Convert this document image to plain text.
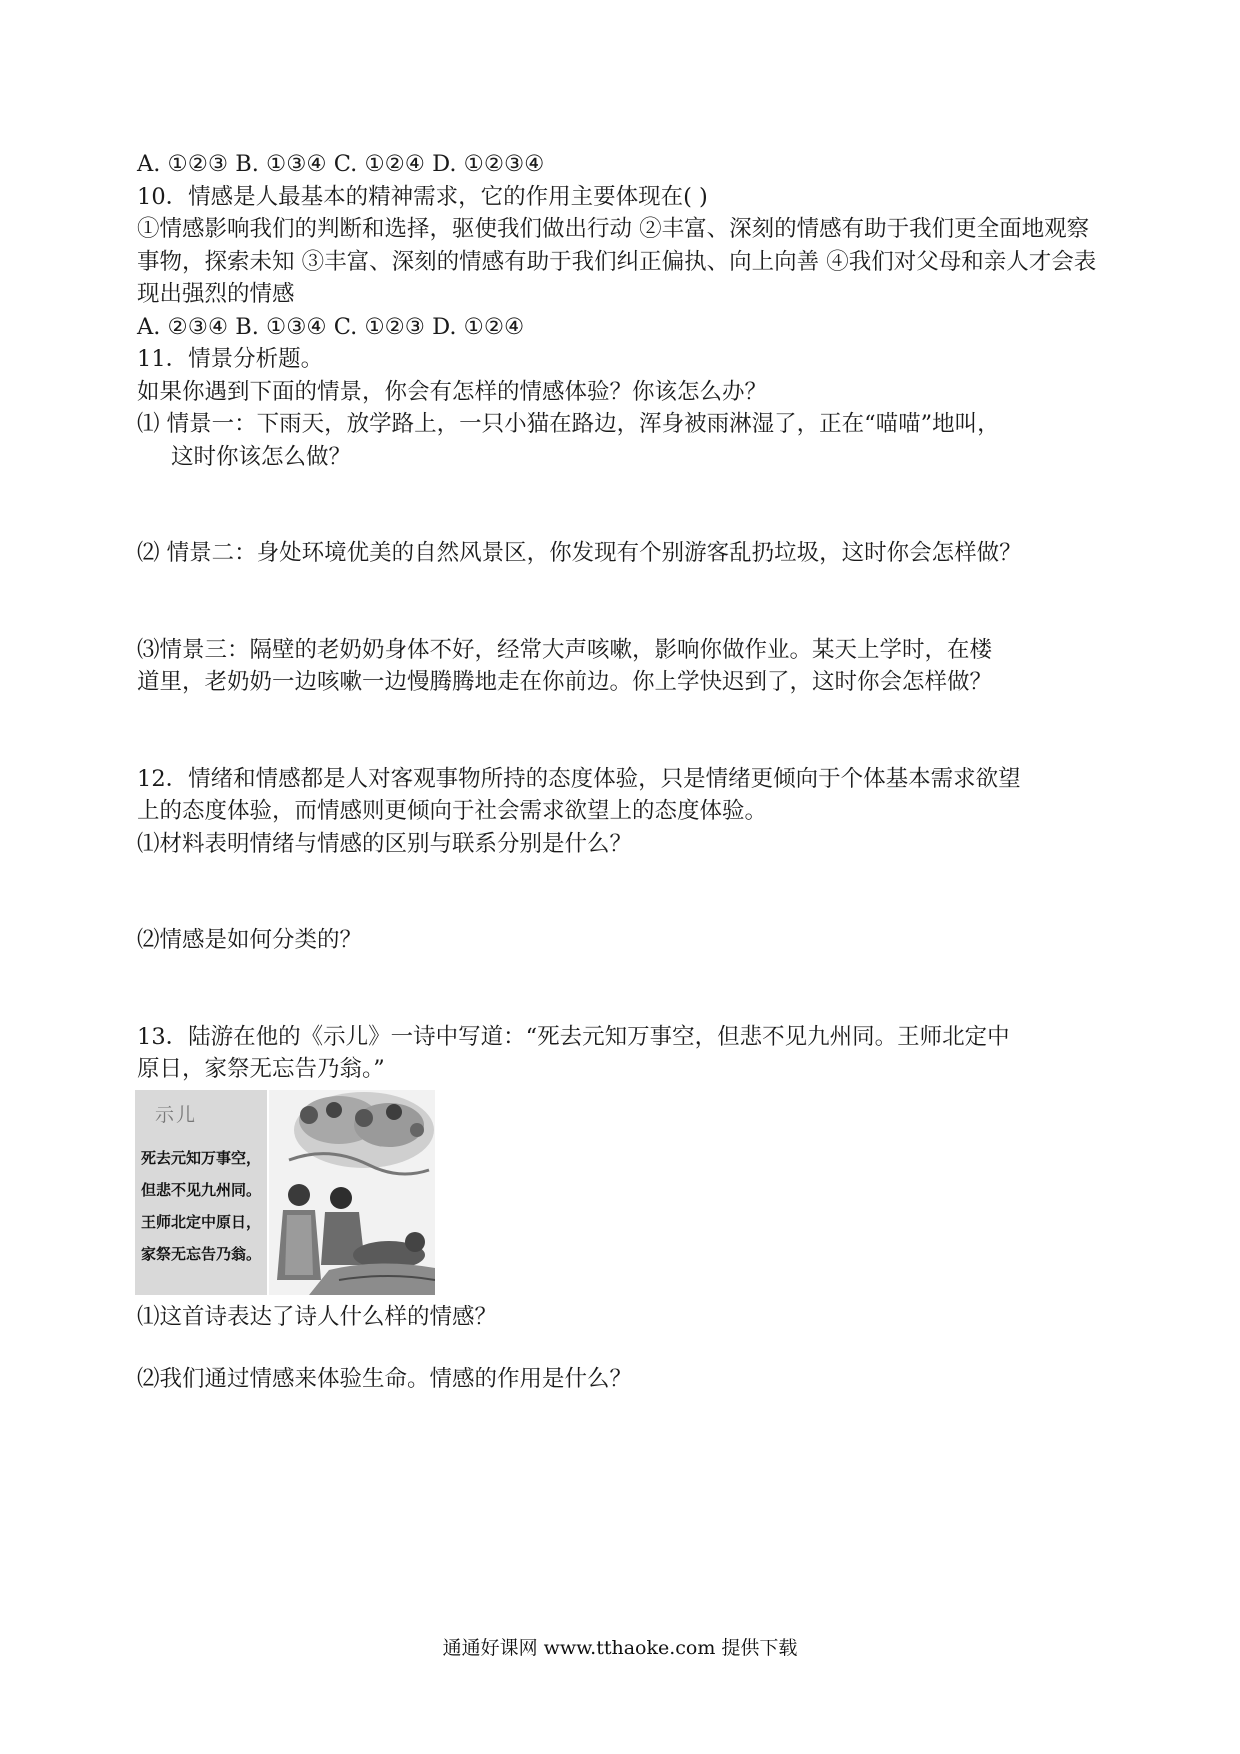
A. ①②③ B. ①③④ C. ①②④ D. ①②③④
10．情感是人最基本的精神需求，它的作用主要体现在( )
①情感影响我们的判断和选择，驱使我们做出行动 ②丰富、深刻的情感有助于我们更全面地观察事物，探索未知 ③丰富、深刻的情感有助于我们纠正偏执、向上向善 ④我们对父母和亲人才会表现出强烈的情感
A. ②③④ B. ①③④ C. ①②③ D. ①②④
11．情景分析题。
如果你遇到下面的情景，你会有怎样的情感体验？你该怎么办？
⑴ 情景一：下雨天，放学路上，一只小猫在路边，浑身被雨淋湿了，正在“喵喵”地叫，
这时你该怎么做？
⑵ 情景二：身处环境优美的自然风景区，你发现有个别游客乱扔垃圾，这时你会怎样做？
⑶情景三：隔壁的老奶奶身体不好，经常大声咳嗽，影响你做作业。某天上学时，在楼
道里，老奶奶一边咳嗽一边慢腾腾地走在你前边。你上学快迟到了，这时你会怎样做？
12．情绪和情感都是人对客观事物所持的态度体验，只是情绪更倾向于个体基本需求欲望
上的态度体验，而情感则更倾向于社会需求欲望上的态度体验。
⑴材料表明情绪与情感的区别与联系分别是什么？
⑵情感是如何分类的？
13．陆游在他的《示儿》一诗中写道：“死去元知万事空，但悲不见九州同。王师北定中
原日，家祭无忘告乃翁。”
示儿
死去元知万事空，
但悲不见九州同。
王师北定中原日，
家祭无忘告乃翁。
⑴这首诗表达了诗人什么样的情感？
⑵我们通过情感来体验生命。情感的作用是什么？
通通好课网 www.tthaoke.com 提供下载
